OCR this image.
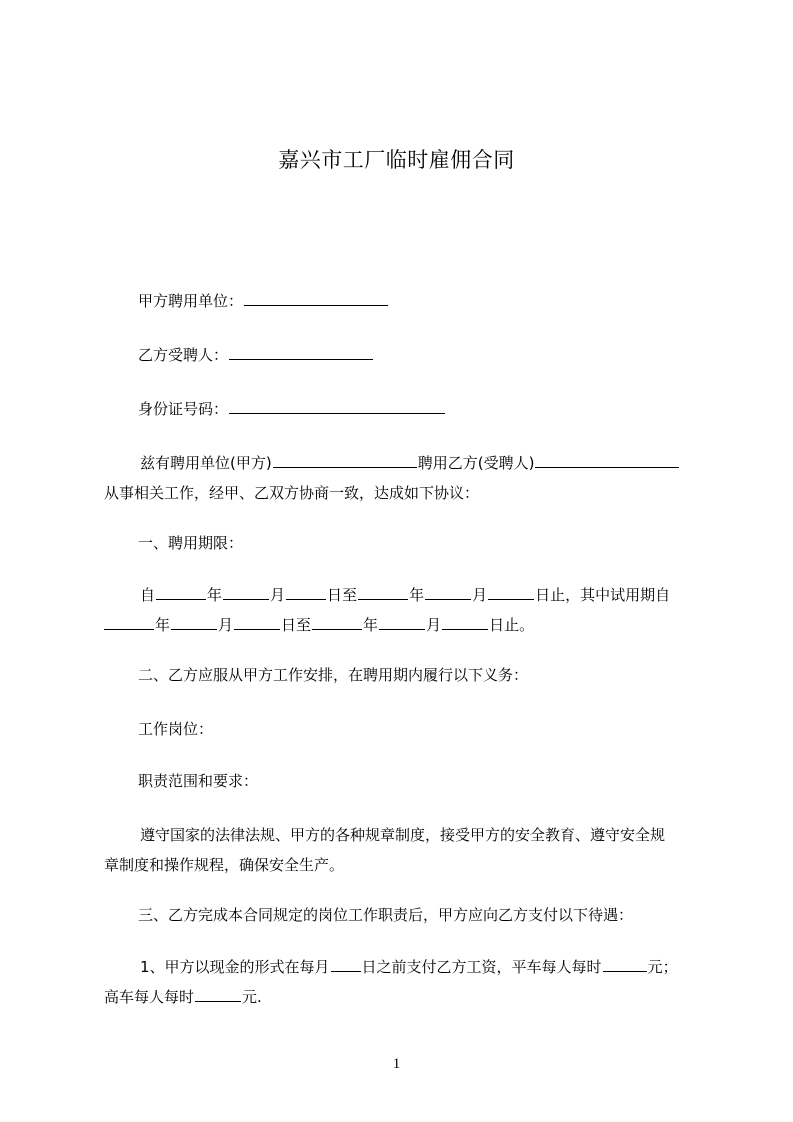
嘉兴市工厂临时雇佣合同
甲方聘用单位：
乙方受聘人：
身份证号码：
兹有聘用单位(甲方)	聘用乙方(受聘人)
从事相关工作，经甲、乙双方协商一致，达成如下协议：
一、聘用期限：
自	年	月	日至	年	月	日止，其中试用期自
年	月	日至	年	月	日止。
二、乙方应服从甲方工作安排，在聘用期内履行以下义务：
工作岗位：
职责范围和要求：
遵守国家的法律法规、甲方的各种规章制度，接受甲方的安全教育、遵守安全规
章制度和操作规程，确保安全生产。
三、乙方完成本合同规定的岗位工作职责后，甲方应向乙方支付以下待遇：
1、甲方以现金的形式在每月 日之前支付乙方工资，平车每人每时	元；
高车每人每时	元.
1
